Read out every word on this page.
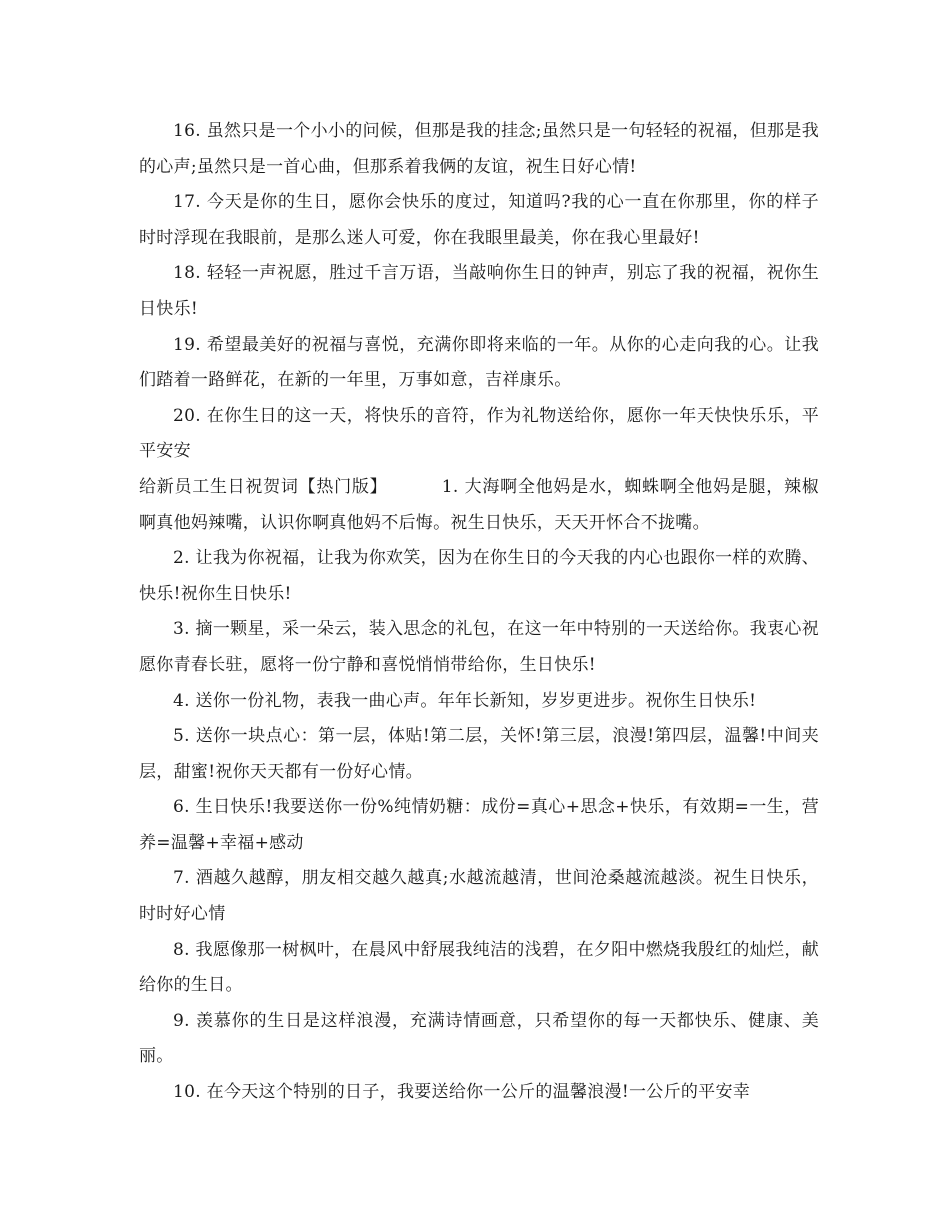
16. 虽然只是一个小小的问候，但那是我的挂念;虽然只是一句轻轻的祝福，但那是我的心声;虽然只是一首心曲，但那系着我俩的友谊，祝生日好心情!

17. 今天是你的生日，愿你会快乐的度过，知道吗?我的心一直在你那里，你的样子时时浮现在我眼前，是那么迷人可爱，你在我眼里最美，你在我心里最好!

18. 轻轻一声祝愿，胜过千言万语，当敲响你生日的钟声，别忘了我的祝福，祝你生日快乐!

19. 希望最美好的祝福与喜悦，充满你即将来临的一年。从你的心走向我的心。让我们踏着一路鲜花，在新的一年里，万事如意，吉祥康乐。

20. 在你生日的这一天，将快乐的音符，作为礼物送给你，愿你一年天快快乐乐，平平安安

给新员工生日祝贺词【热门版】	1. 大海啊全他妈是水，蜘蛛啊全他妈是腿，辣椒啊真他妈辣嘴，认识你啊真他妈不后悔。祝生日快乐，天天开怀合不拢嘴。

2. 让我为你祝福，让我为你欢笑，因为在你生日的今天我的内心也跟你一样的欢腾、快乐!祝你生日快乐!

3. 摘一颗星，采一朵云，装入思念的礼包，在这一年中特别的一天送给你。我衷心祝愿你青春长驻，愿将一份宁静和喜悦悄悄带给你，生日快乐!

4. 送你一份礼物，表我一曲心声。年年长新知，岁岁更进步。祝你生日快乐!

5. 送你一块点心：第一层，体贴!第二层，关怀!第三层，浪漫!第四层，温馨!中间夹层，甜蜜!祝你天天都有一份好心情。

6. 生日快乐!我要送你一份%纯情奶糖：成份=真心+思念+快乐，有效期=一生，营养=温馨+幸福+感动

7. 酒越久越醇，朋友相交越久越真;水越流越清，世间沧桑越流越淡。祝生日快乐，时时好心情

8. 我愿像那一树枫叶，在晨风中舒展我纯洁的浅碧，在夕阳中燃烧我殷红的灿烂，献给你的生日。

9. 羡慕你的生日是这样浪漫，充满诗情画意，只希望你的每一天都快乐、健康、美丽。

10. 在今天这个特别的日子，我要送给你一公斤的温馨浪漫!一公斤的平安幸
